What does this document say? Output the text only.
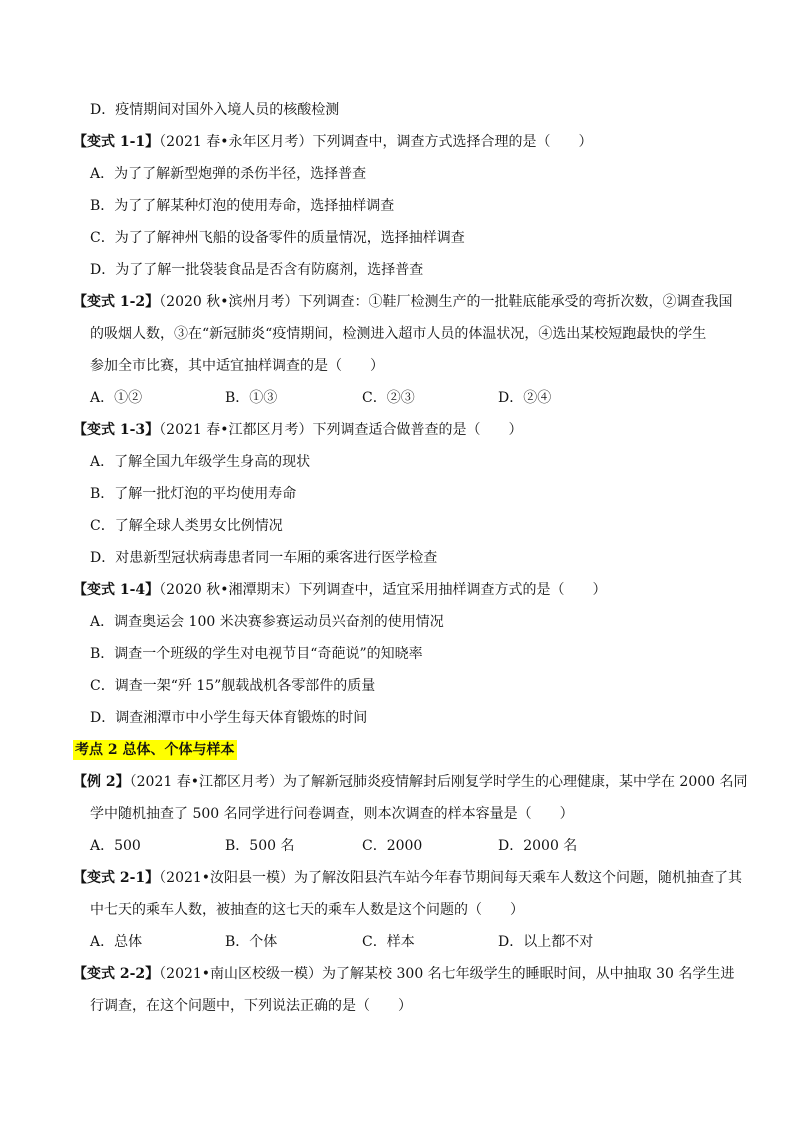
D．疫情期间对国外入境人员的核酸检测
【变式 1-1】（2021 春•永年区月考）下列调查中，调查方式选择合理的是（　　）
A．为了了解新型炮弹的杀伤半径，选择普查
B．为了了解某种灯泡的使用寿命，选择抽样调查
C．为了了解神州飞船的设备零件的质量情况，选择抽样调查
D．为了了解一批袋装食品是否含有防腐剂，选择普查
【变式 1-2】（2020 秋•滨州月考）下列调查：①鞋厂检测生产的一批鞋底能承受的弯折次数，②调查我国
的吸烟人数，③在“新冠肺炎“疫情期间，检测进入超市人员的体温状况，④选出某校短跑最快的学生
参加全市比赛，其中适宜抽样调查的是（　　）
A．①②	B．①③	C．②③	D．②④
【变式 1-3】（2021 春•江都区月考）下列调查适合做普查的是（　　）
A．了解全国九年级学生身高的现状
B．了解一批灯泡的平均使用寿命
C．了解全球人类男女比例情况
D．对患新型冠状病毒患者同一车厢的乘客进行医学检查
【变式 1-4】（2020 秋•湘潭期末）下列调查中，适宜采用抽样调查方式的是（　　）
A．调查奥运会 100 米决赛参赛运动员兴奋剂的使用情况
B．调查一个班级的学生对电视节目“奇葩说”的知晓率
C．调查一架“歼 15”舰载战机各零部件的质量
D．调查湘潭市中小学生每天体育锻炼的时间
考点 2 总体、个体与样本
【例 2】（2021 春•江都区月考）为了解新冠肺炎疫情解封后刚复学时学生的心理健康，某中学在 2000 名同
学中随机抽查了 500 名同学进行问卷调查，则本次调查的样本容量是（　　）
A．500	B．500 名	C．2000	D．2000 名
【变式 2-1】（2021•汝阳县一模）为了解汝阳县汽车站今年春节期间每天乘车人数这个问题，随机抽查了其
中七天的乘车人数，被抽查的这七天的乘车人数是这个问题的（　　）
A．总体	B．个体	C．样本	D．以上都不对
【变式 2-2】（2021•南山区校级一模）为了解某校 300 名七年级学生的睡眠时间，从中抽取 30 名学生进
行调查，在这个问题中，下列说法正确的是（　　）
